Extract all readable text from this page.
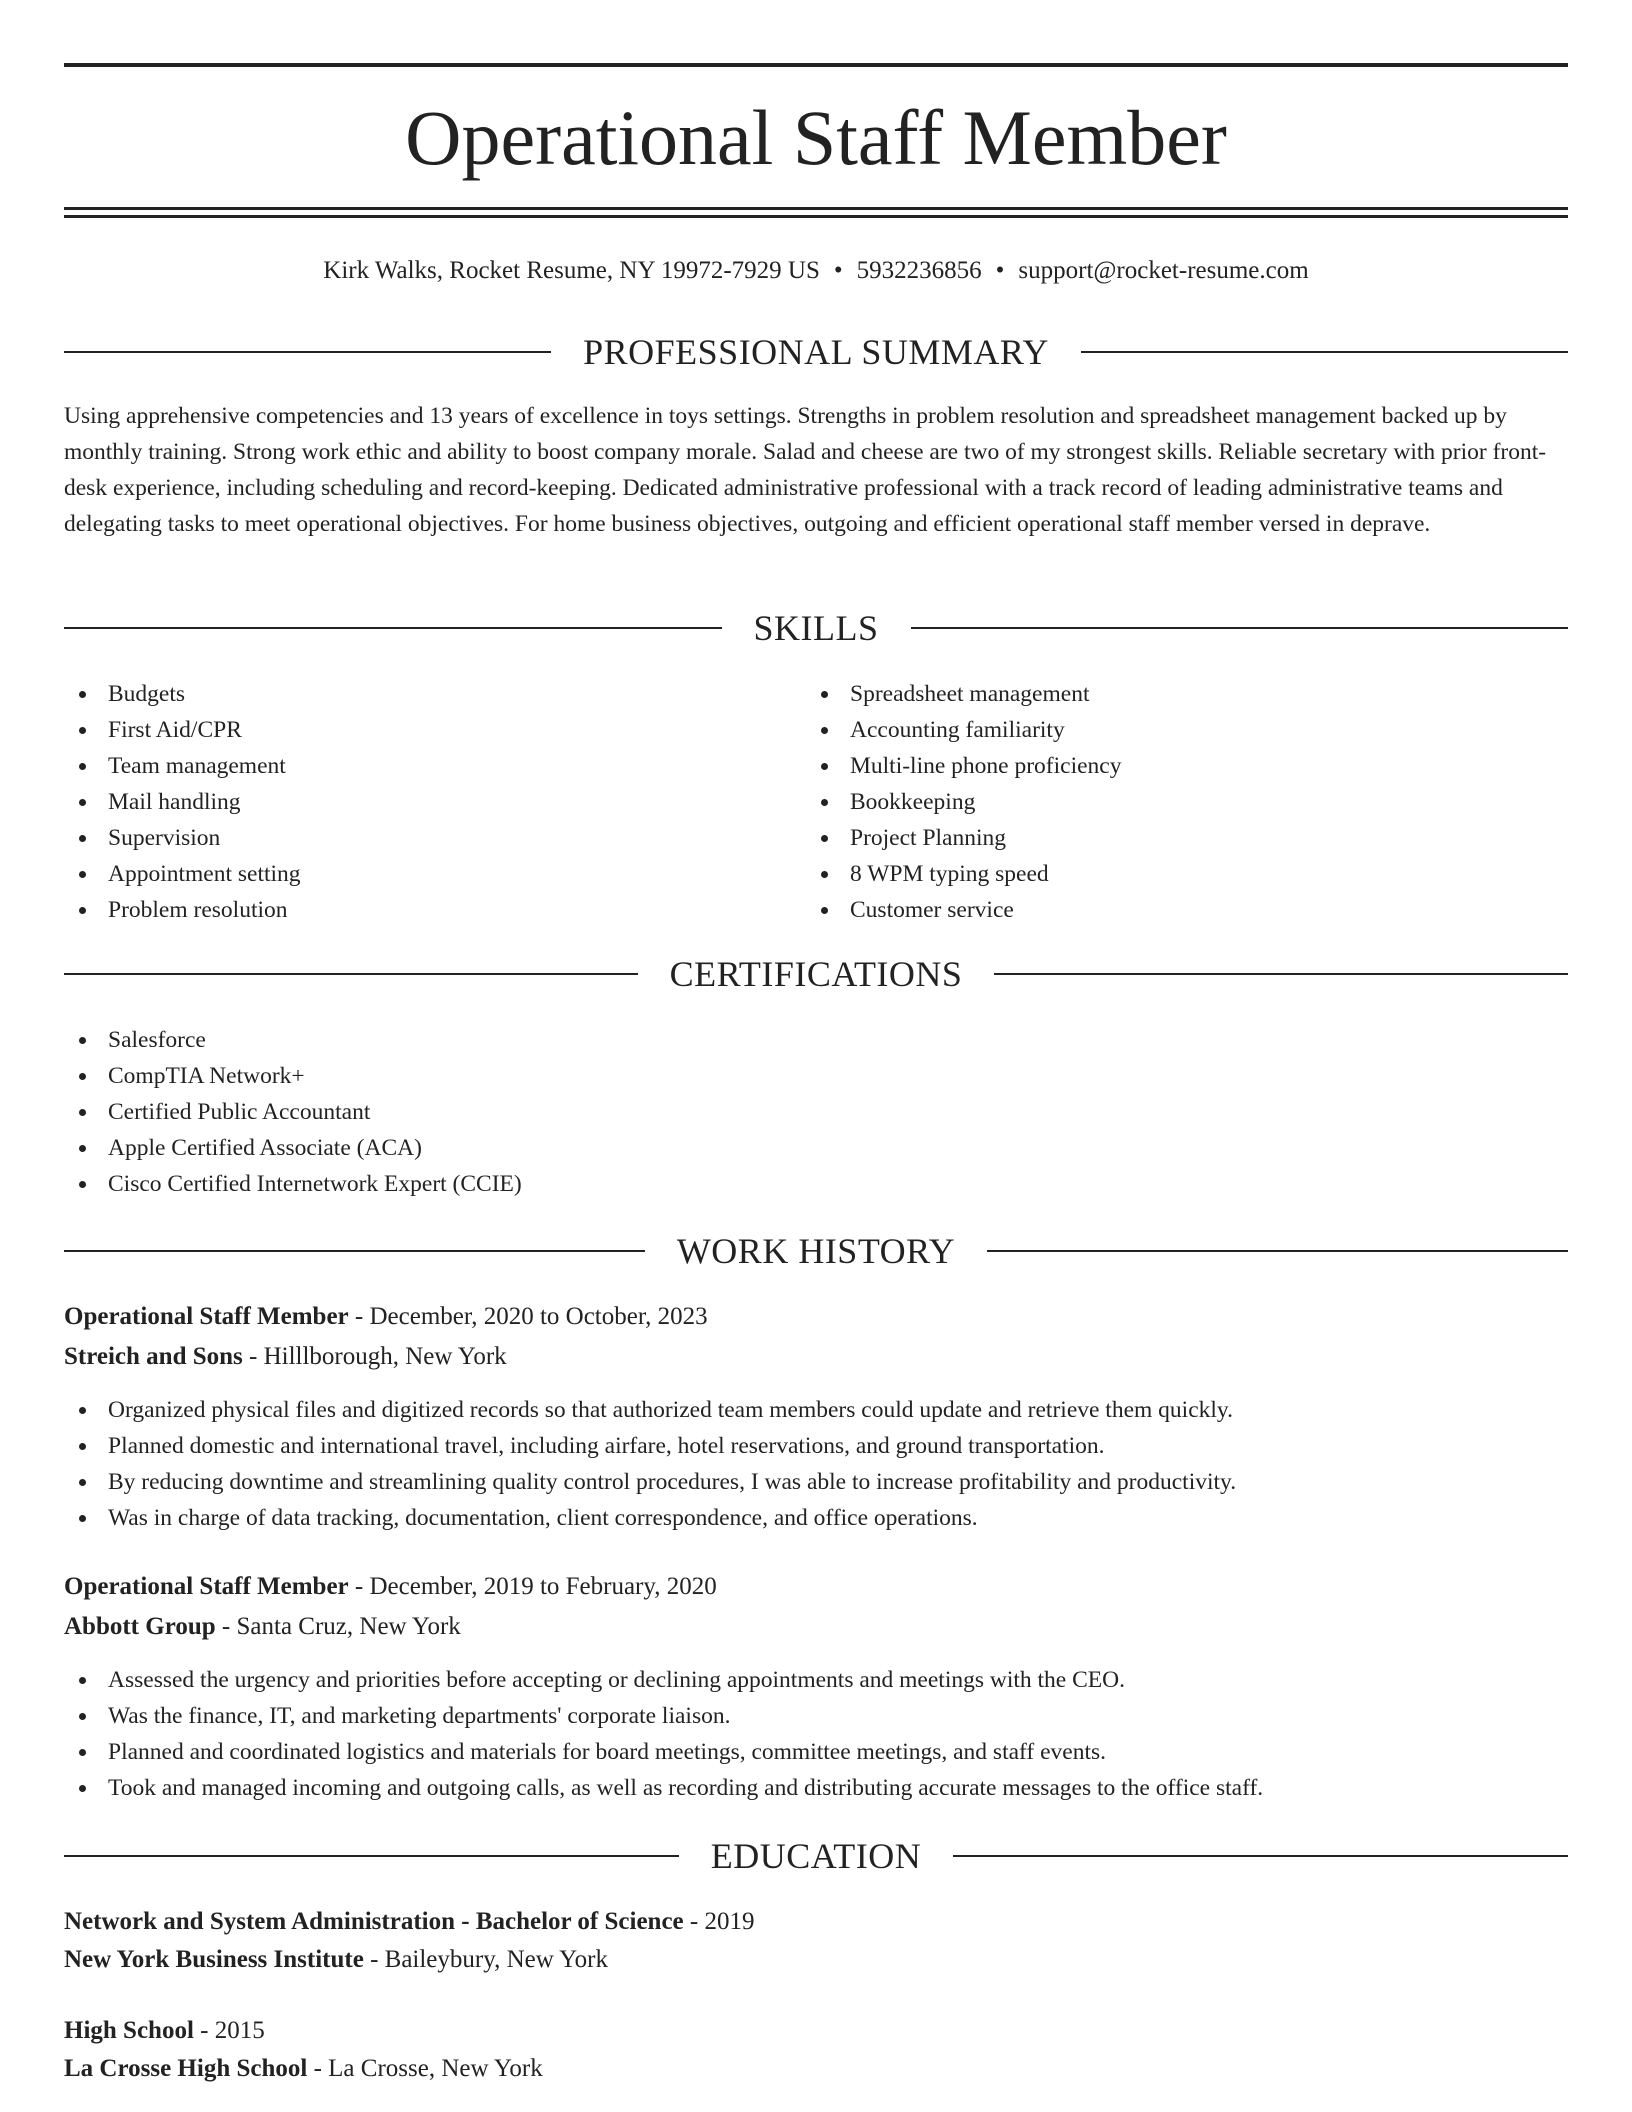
Operational Staff Member
Kirk Walks, Rocket Resume, NY 19972-7929 US • 5932236856 • support@rocket-resume.com
PROFESSIONAL SUMMARY

Using apprehensive competencies and 13 years of excellence in toys settings. Strengths in problem resolution and spreadsheet management backed up by monthly training. Strong work ethic and ability to boost company morale. Salad and cheese are two of my strongest skills. Reliable secretary with prior front-desk experience, including scheduling and record-keeping. Dedicated administrative professional with a track record of leading administrative teams and delegating tasks to meet operational objectives. For home business objectives, outgoing and efficient operational staff member versed in deprave.

SKILLS
Budgets
First Aid/CPR
Team management
Mail handling
Supervision
Appointment setting
Problem resolution
Spreadsheet management
Accounting familiarity
Multi-line phone proficiency
Bookkeeping
Project Planning
8 WPM typing speed
Customer service
CERTIFICATIONS
Salesforce
CompTIA Network+
Certified Public Accountant
Apple Certified Associate (ACA)
Cisco Certified Internetwork Expert (CCIE)
WORK HISTORY
Operational Staff Member - December, 2020 to October, 2023
Streich and Sons - Hilllborough, New York
Organized physical files and digitized records so that authorized team members could update and retrieve them quickly.
Planned domestic and international travel, including airfare, hotel reservations, and ground transportation.
By reducing downtime and streamlining quality control procedures, I was able to increase profitability and productivity.
Was in charge of data tracking, documentation, client correspondence, and office operations.
Operational Staff Member - December, 2019 to February, 2020
Abbott Group - Santa Cruz, New York
Assessed the urgency and priorities before accepting or declining appointments and meetings with the CEO.
Was the finance, IT, and marketing departments' corporate liaison.
Planned and coordinated logistics and materials for board meetings, committee meetings, and staff events.
Took and managed incoming and outgoing calls, as well as recording and distributing accurate messages to the office staff.
EDUCATION
Network and System Administration - Bachelor of Science - 2019
New York Business Institute - Baileybury, New York
High School - 2015
La Crosse High School - La Crosse, New York
